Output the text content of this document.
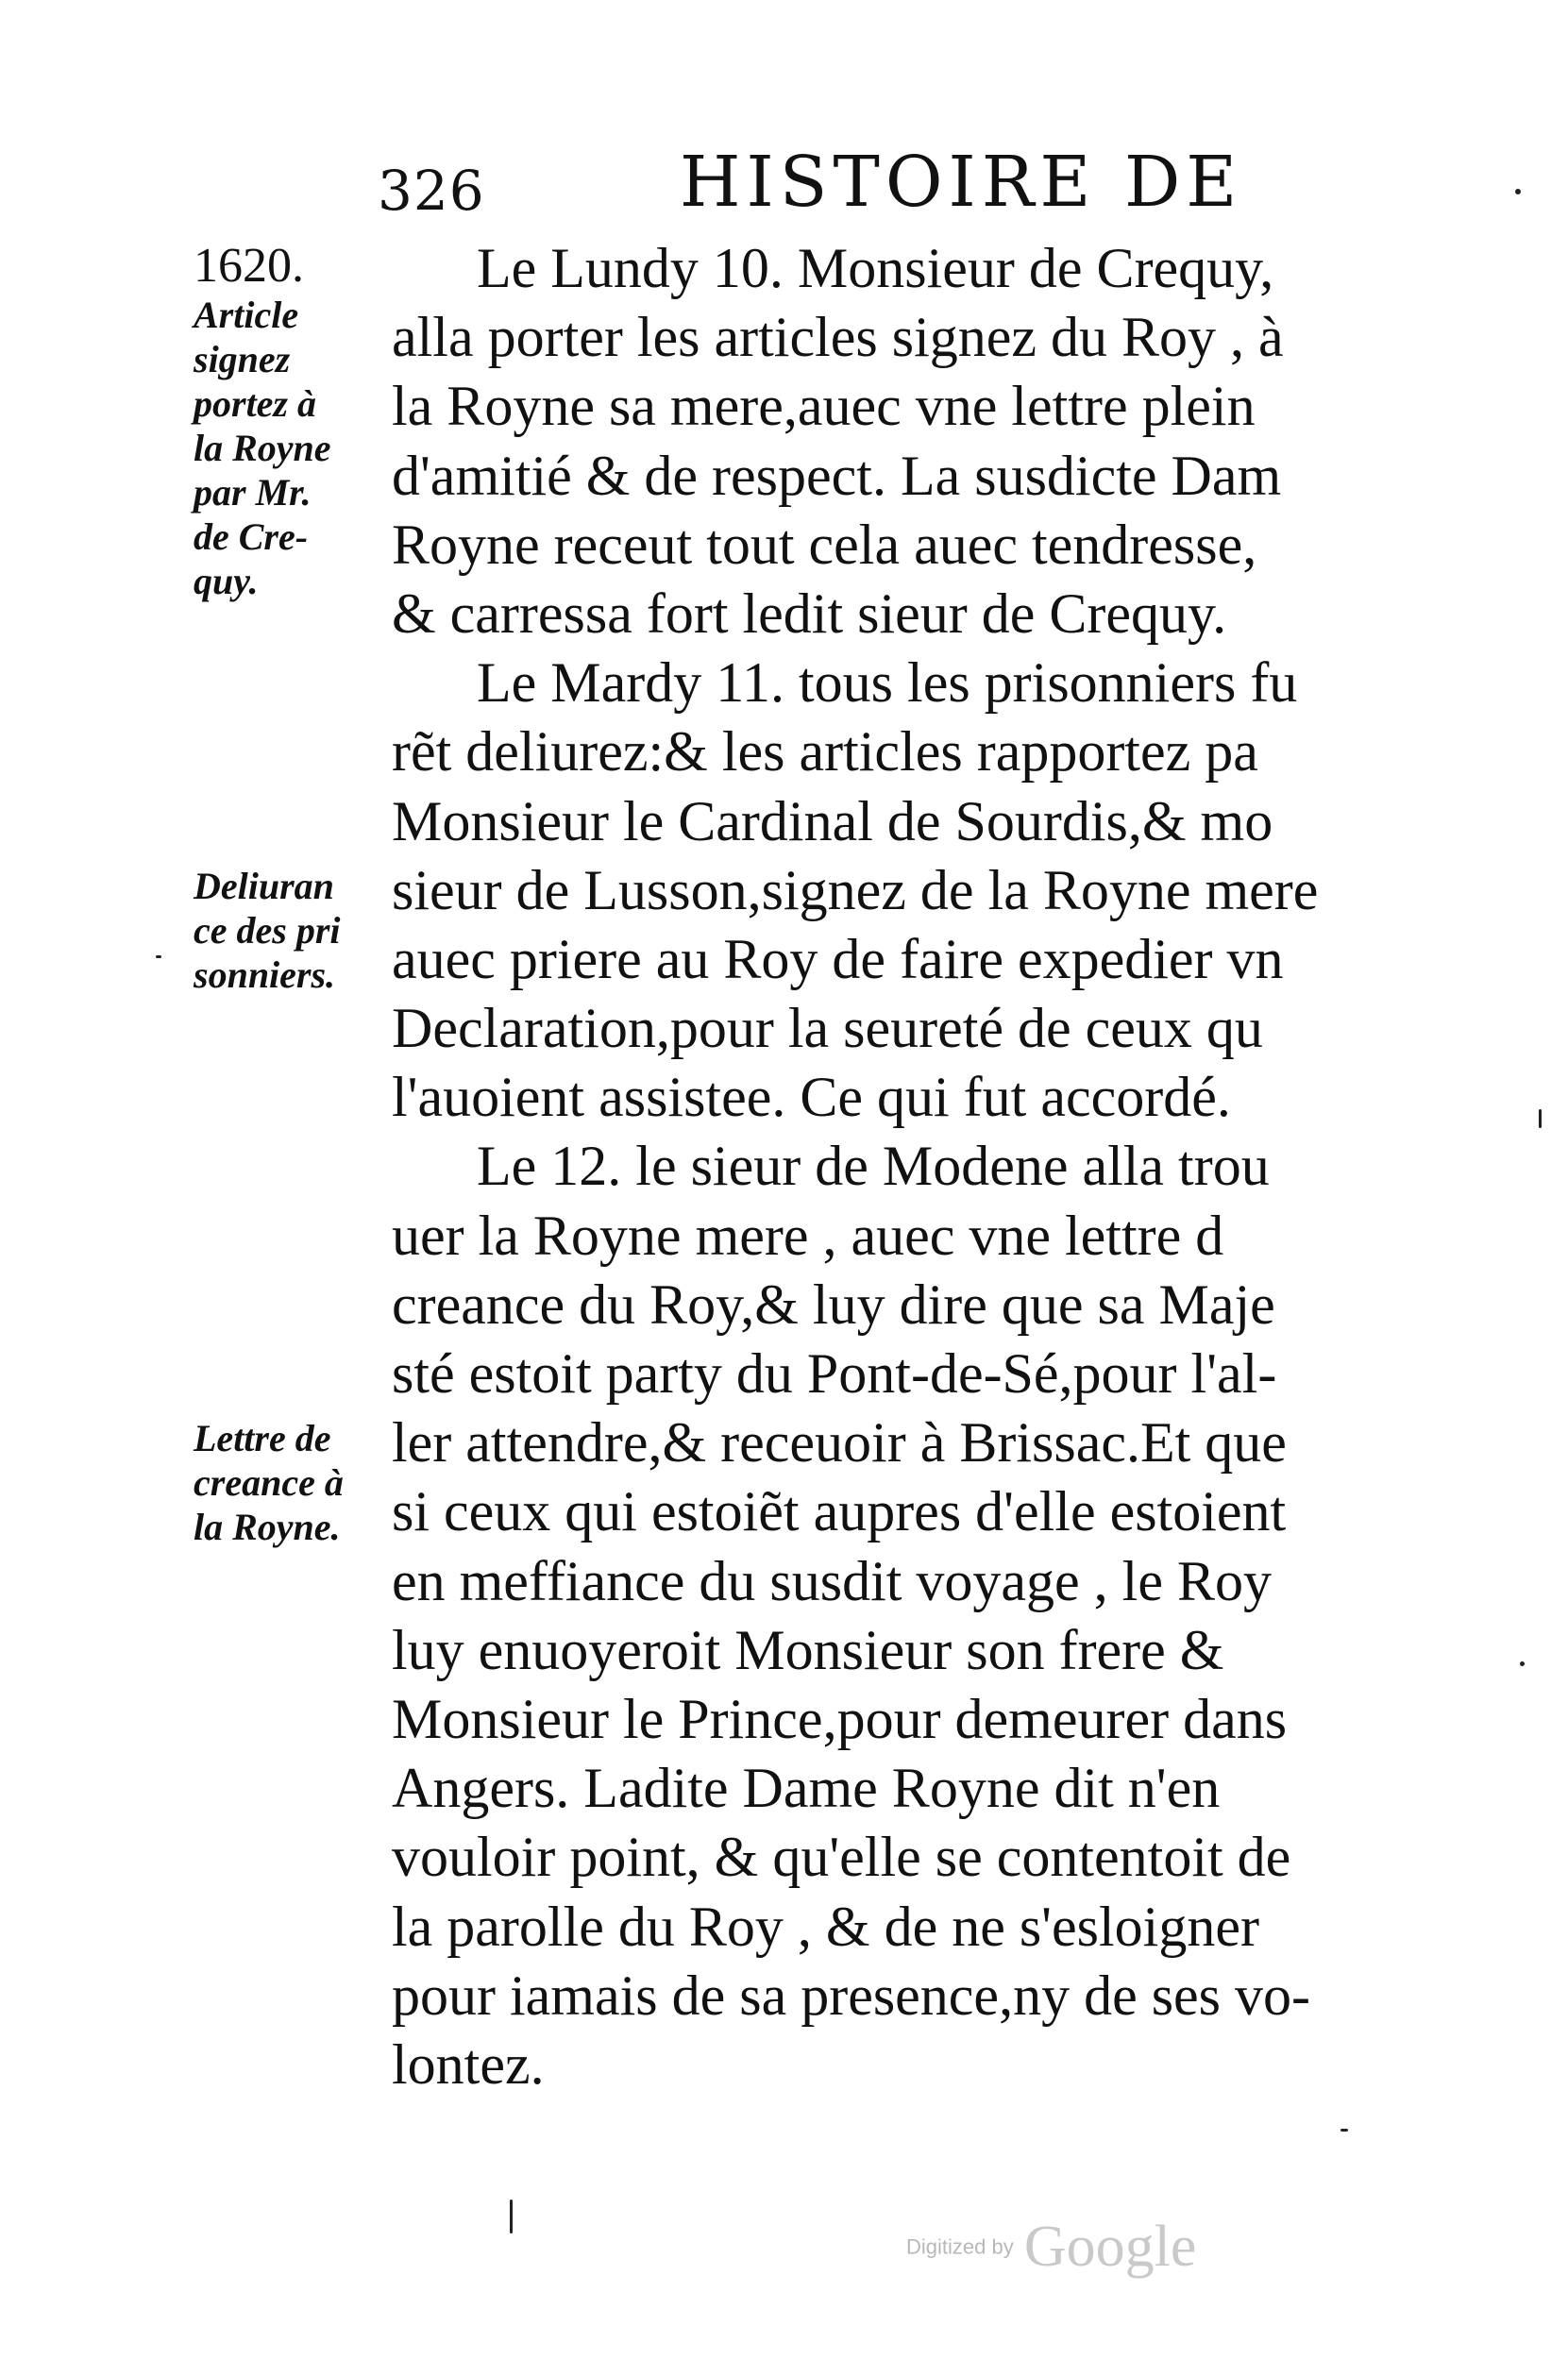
326	HISTOIRE DE
1620.
Article
signez
portez à
la Royne
par Mr.
de Cre-
quy.
Deliuran
ce des pri
sonniers.
Lettre de
creance à
la Royne.
Le Lundy 10. Monsieur de Crequy,
alla porter les articles signez du Roy , à
la Royne sa mere,auec vne lettre plein
d'amitié & de respect. La susdicte Dam
Royne receut tout cela auec tendresse,
& carressa fort ledit sieur de Crequy.
Le Mardy 11. tous les prisonniers fu
rẽt deliurez:& les articles rapportez pa
Monsieur le Cardinal de Sourdis,& mo
sieur de Lusson,signez de la Royne mere
auec priere au Roy de faire expedier vn
Declaration,pour la seureté de ceux qu
l'auoient assistee. Ce qui fut accordé.
Le 12. le sieur de Modene alla trou
uer la Royne mere , auec vne lettre d
creance du Roy,& luy dire que sa Maje
sté estoit party du Pont-de-Sé,pour l'al-
ler attendre,& receuoir à Brissac.Et que
si ceux qui estoiẽt aupres d'elle estoient
en meffiance du susdit voyage , le Roy
luy enuoyeroit Monsieur son frere &
Monsieur le Prince,pour demeurer dans
Angers. Ladite Dame Royne dit n'en
vouloir point, & qu'elle se contentoit de
la parolle du Roy , & de ne s'esloigner
pour iamais de sa presence,ny de ses vo-
lontez.
Digitized by Google
